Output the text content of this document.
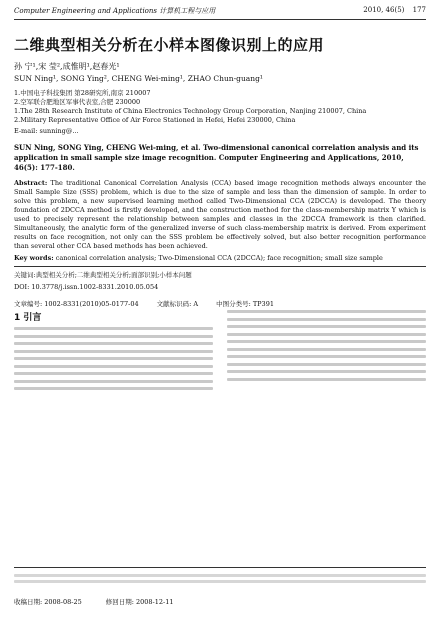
Computer Engineering and Applications 计算机工程与应用	2010, 46(5) 177
二维典型相关分析在小样本图像识别上的应用
孙 宁¹,宋 莹²,成惟明¹,赵春光¹
SUN Ning¹, SONG Ying², CHENG Wei-ming¹, ZHAO Chun-guang¹
1.中国电子科技集团 第28研究所,南京 210007
2.空军联合肥地区军事代表室,合肥 230000
1.The 28th Research Institute of China Electronics Technology Group Corporation, Nanjing 210007, China
2.Military Representative Office of Air Force Stationed in Hefei, Hefei 230000, China
E-mail: sunning@...
SUN Ning, SONG Ying, CHENG Wei-ming, et al. Two-dimensional canonical correlation analysis and its application in small sample size image recognition. Computer Engineering and Applications, 2010, 46(5): 177-180.
Abstract: The traditional Canonical Correlation Analysis (CCA) based image recognition methods always encounter the Small Sample Size (SSS) problem, which is due to the size of sample and less than the dimension of sample. In order to solve this problem, a new supervised learning method called Two-Dimensional CCA (2DCCA) is developed. The theory foundation of 2DCCA method is firstly developed, and the construction method for the class-membership matrix Y which is used to precisely represent the relationship between samples and classes in the 2DCCA framework is then clarified. Simultaneously, the analytic form of the generalized inverse of such class-membership matrix is derived. From experiment results on face recognition, not only can the SSS problem be effectively solved, but also better recognition performance than several other CCA based methods has been achieved.
Key words: canonical correlation analysis; Two-Dimensional CCA (2DCCA); face recognition; small size sample
关键词:典型相关分析;二维典型相关分析;面部识别;小样本问题
DOI: 10.3778/j.issn.1002-8331.2010.05.054
文章编号: 1002-8331(2010)05-0177-04	文献标识码: A	中图分类号: TP391
1 引言
收稿日期: 2008-08-25	修回日期: 2008-12-11
